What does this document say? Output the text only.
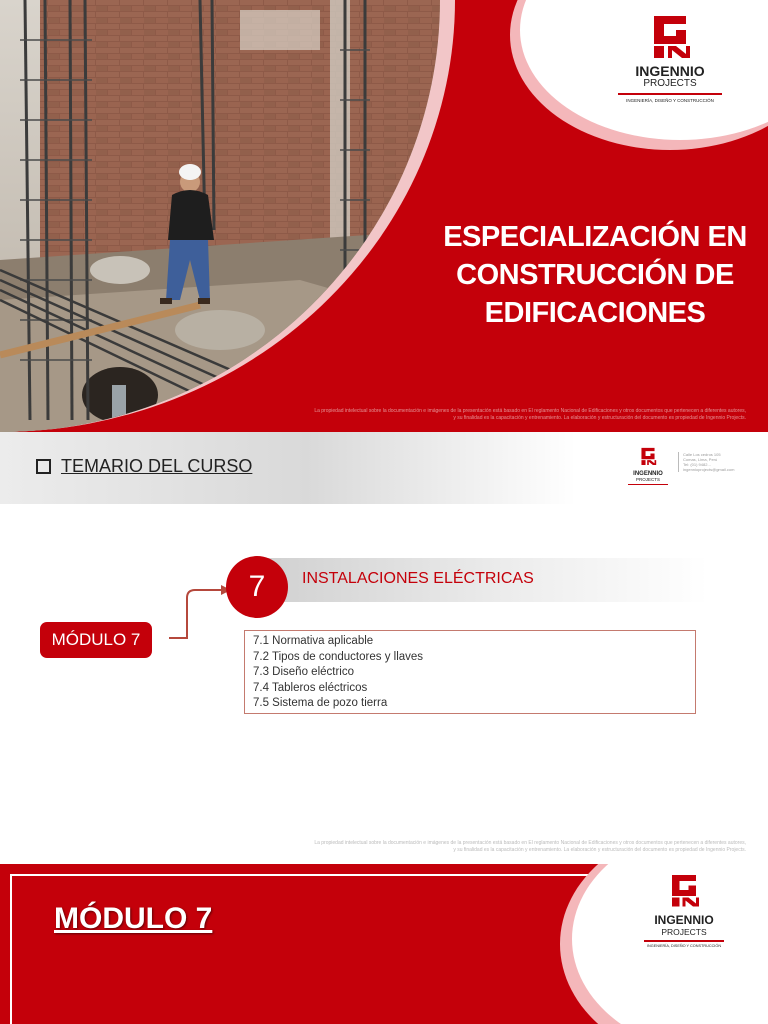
INGENNIO
PROJECTS
INGENIERÍA, DISEÑO Y CONSTRUCCIÓN
ESPECIALIZACIÓN EN
CONSTRUCCIÓN DE
EDIFICACIONES
La propiedad intelectual sobre la documentación e imágenes de la presentación está basado en El reglamento Nacional de Edificaciones y otros documentos que pertenecen a diferentes autores,
y su finalidad es la capacitación y entrenamiento. La elaboración y estructuración del documento es propiedad de Ingennio Projects.
TEMARIO DEL CURSO	INGENNIO
PROJECTS
Calle Los cedros 105
Comas, Lima, Perú
Tel: (01) 9482...
ingennioprojects@gmail.com
7	INSTALACIONES ELÉCTRICAS
MÓDULO 7	7.1 Normativa aplicable
7.2 Tipos de conductores y llaves
7.3 Diseño eléctrico
7.4 Tableros eléctricos
7.5 Sistema de pozo tierra
La propiedad intelectual sobre la documentación e imágenes de la presentación está basado en El reglamento Nacional de Edificaciones y otros documentos que pertenecen a diferentes autores,
y su finalidad es la capacitación y entrenamiento. La elaboración y estructuración del documento es propiedad de Ingennio Projects.
INGENNIO
PROJECTS
INGENIERÍA, DISEÑO Y CONSTRUCCIÓN
MÓDULO 7
